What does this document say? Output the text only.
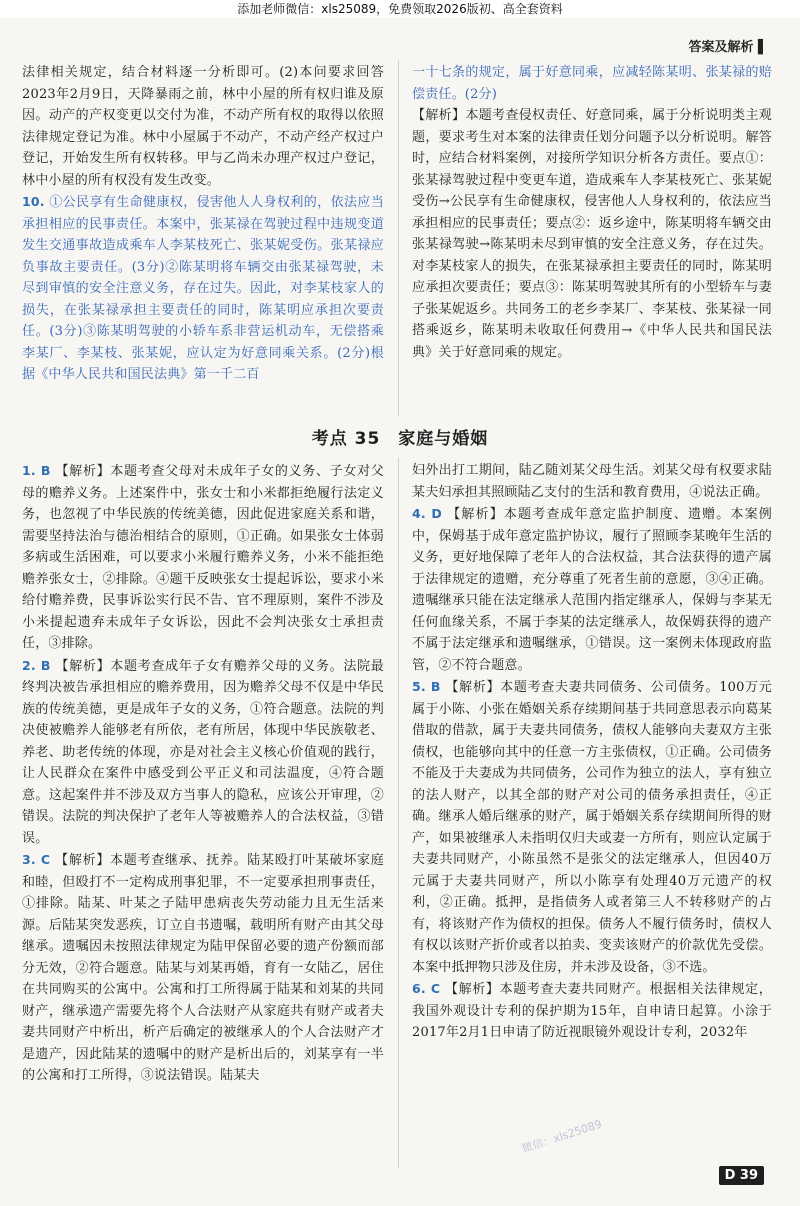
添加老师微信：xls25089，免费领取2026版初、高全套资料
答案及解析 ▌

法律相关规定，结合材料逐一分析即可。(2)本问要求回答2023年2月9日，天降暴雨之前，林中小屋的所有权归谁及原因。动产的产权变更以交付为准，不动产所有权的取得以依照法律规定登记为准。林中小屋属于不动产，不动产经产权过户登记，开始发生所有权转移。甲与乙尚未办理产权过户登记，林中小屋的所有权没有发生改变。

10. ①公民享有生命健康权，侵害他人人身权利的，依法应当承担相应的民事责任。本案中，张某禄在驾驶过程中违规变道发生交通事故造成乘车人李某枝死亡、张某妮受伤。张某禄应负事故主要责任。(3分)②陈某明将车辆交由张某禄驾驶，未尽到审慎的安全注意义务，存在过失。因此，对李某枝家人的损失，在张某禄承担主要责任的同时，陈某明应承担次要责任。(3分)③陈某明驾驶的小轿车系非营运机动车，无偿搭乘李某厂、李某枝、张某妮，应认定为好意同乘关系。(2分)根据《中华人民共和国民法典》第一千二百

一十七条的规定，属于好意同乘，应减轻陈某明、张某禄的赔偿责任。(2分)

【解析】本题考查侵权责任、好意同乘，属于分析说明类主观题，要求考生对本案的法律责任划分问题予以分析说明。解答时，应结合材料案例，对接所学知识分析各方责任。要点①：张某禄驾驶过程中变更车道，造成乘车人李某枝死亡、张某妮受伤→公民享有生命健康权，侵害他人人身权利的，依法应当承担相应的民事责任；要点②：返乡途中，陈某明将车辆交由张某禄驾驶→陈某明未尽到审慎的安全注意义务，存在过失。对李某枝家人的损失，在张某禄承担主要责任的同时，陈某明应承担次要责任；要点③：陈某明驾驶其所有的小型轿车与妻子张某妮返乡。共同务工的老乡李某厂、李某枝、张某禄一同搭乘返乡，陈某明未收取任何费用→《中华人民共和国民法典》关于好意同乘的规定。

考点 35 家庭与婚姻

1. B 【解析】本题考查父母对未成年子女的义务、子女对父母的赡养义务。上述案件中，张女士和小米都拒绝履行法定义务，也忽视了中华民族的传统美德，因此促进家庭关系和谐，需要坚持法治与德治相结合的原则，①正确。如果张女士体弱多病或生活困难，可以要求小米履行赡养义务，小米不能拒绝赡养张女士，②排除。④题干反映张女士提起诉讼，要求小米给付赡养费，民事诉讼实行民不告、官不理原则，案件不涉及小米提起遗弃未成年子女诉讼，因此不会判决张女士承担责任，③排除。

2. B 【解析】本题考查成年子女有赡养父母的义务。法院最终判决被告承担相应的赡养费用，因为赡养父母不仅是中华民族的传统美德，更是成年子女的义务，①符合题意。法院的判决使被赡养人能够老有所依，老有所居，体现中华民族敬老、养老、助老传统的体现，亦是对社会主义核心价值观的践行，让人民群众在案件中感受到公平正义和司法温度，④符合题意。这起案件并不涉及双方当事人的隐私，应该公开审理，②错误。法院的判决保护了老年人等被赡养人的合法权益，③错误。

3. C 【解析】本题考查继承、抚养。陆某殴打叶某破坏家庭和睦，但殴打不一定构成刑事犯罪，不一定要承担刑事责任，①排除。陆某、叶某之子陆甲患病丧失劳动能力且无生活来源。后陆某突发恶疾，订立自书遗嘱，载明所有财产由其父母继承。遗嘱因未按照法律规定为陆甲保留必要的遗产份额而部分无效，②符合题意。陆某与刘某再婚，育有一女陆乙，居住在共同购买的公寓中。公寓和打工所得属于陆某和刘某的共同财产，继承遗产需要先将个人合法财产从家庭共有财产或者夫妻共同财产中析出，析产后确定的被继承人的个人合法财产才是遗产，因此陆某的遗嘱中的财产是析出后的，刘某享有一半的公寓和打工所得，③说法错误。陆某夫

妇外出打工期间，陆乙随刘某父母生活。刘某父母有权要求陆某夫妇承担其照顾陆乙支付的生活和教育费用，④说法正确。

4. D 【解析】本题考查成年意定监护制度、遗赠。本案例中，保姆基于成年意定监护协议，履行了照顾李某晚年生活的义务，更好地保障了老年人的合法权益，其合法获得的遗产属于法律规定的遗赠，充分尊重了死者生前的意愿，③④正确。遗嘱继承只能在法定继承人范围内指定继承人，保姆与李某无任何血缘关系，不属于李某的法定继承人，故保姆获得的遗产不属于法定继承和遗嘱继承，①错误。这一案例未体现政府监管，②不符合题意。

5. B 【解析】本题考查夫妻共同债务、公司债务。100万元属于小陈、小张在婚姻关系存续期间基于共同意思表示向葛某借取的借款，属于夫妻共同债务，债权人能够向夫妻双方主张债权，也能够向其中的任意一方主张债权，①正确。公司债务不能及于夫妻成为共同债务，公司作为独立的法人，享有独立的法人财产，以其全部的财产对公司的债务承担责任，④正确。继承人婚后继承的财产，属于婚姻关系存续期间所得的财产，如果被继承人未指明仅归夫或妻一方所有，则应认定属于夫妻共同财产，小陈虽然不是张父的法定继承人，但因40万元属于夫妻共同财产，所以小陈享有处理40万元遗产的权利，②正确。抵押，是指债务人或者第三人不转移财产的占有，将该财产作为债权的担保。债务人不履行债务时，债权人有权以该财产折价或者以拍卖、变卖该财产的价款优先受偿。本案中抵押物只涉及住房，并未涉及设备，③不选。

6. C 【解析】本题考查夫妻共同财产。根据相关法律规定，我国外观设计专利的保护期为15年，自申请日起算。小涂于2017年2月1日申请了防近视眼镜外观设计专利，2032年

微信：xls25089
D 39
